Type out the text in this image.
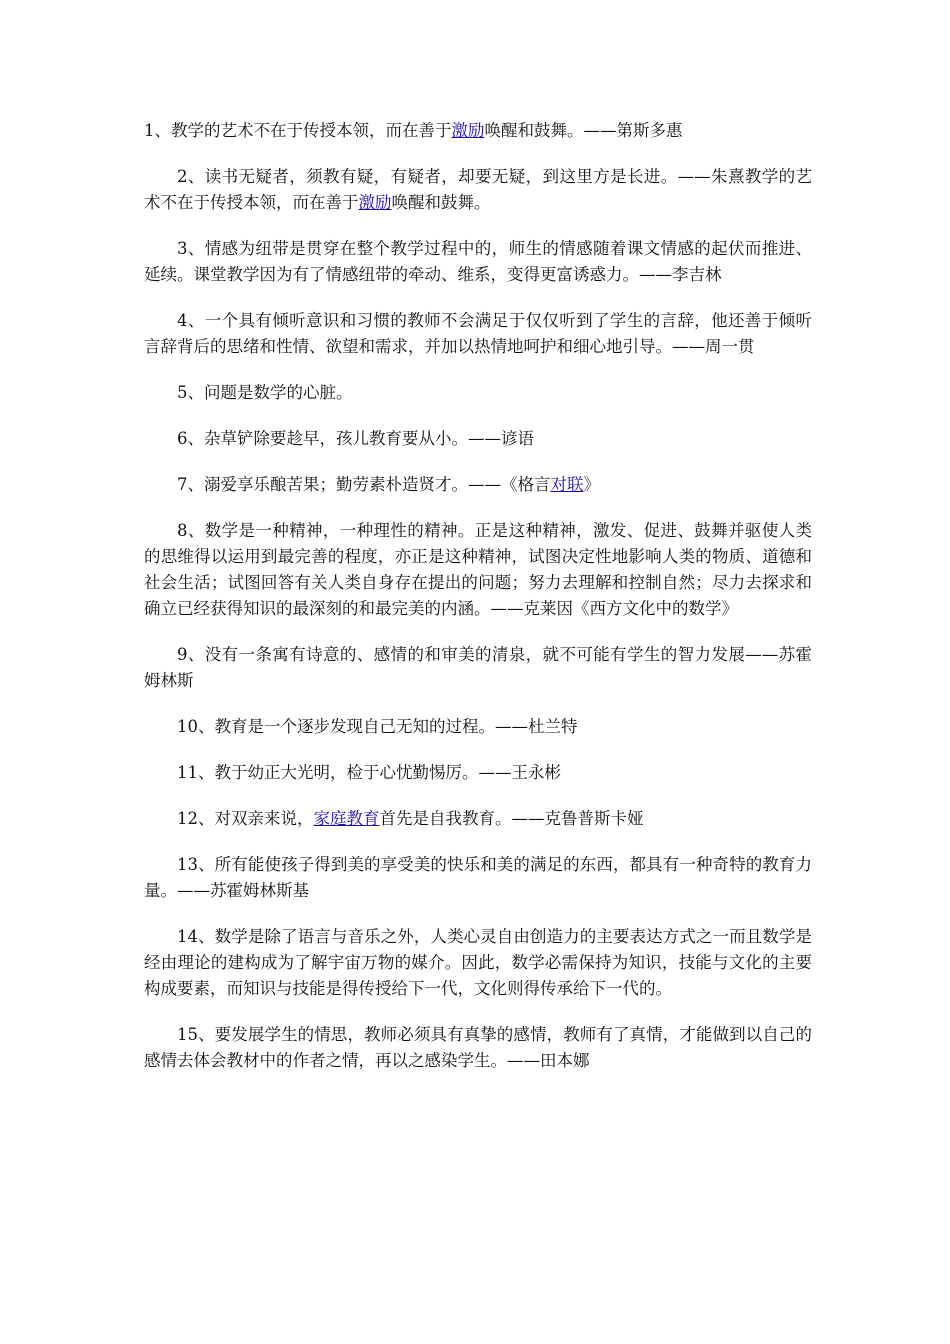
1、教学的艺术不在于传授本领，而在善于激励唤醒和鼓舞。——第斯多惠

2、读书无疑者，须教有疑，有疑者，却要无疑，到这里方是长进。——朱熹教学的艺术不在于传授本领，而在善于激励唤醒和鼓舞。

3、情感为纽带是贯穿在整个教学过程中的，师生的情感随着课文情感的起伏而推进、延续。课堂教学因为有了情感纽带的牵动、维系，变得更富诱惑力。——李吉林

4、一个具有倾听意识和习惯的教师不会满足于仅仅听到了学生的言辞，他还善于倾听言辞背后的思绪和性情、欲望和需求，并加以热情地呵护和细心地引导。——周一贯

5、问题是数学的心脏。

6、杂草铲除要趁早，孩儿教育要从小。——谚语

7、溺爱享乐酿苦果；勤劳素朴造贤才。——《格言对联》

8、数学是一种精神，一种理性的精神。正是这种精神，激发、促进、鼓舞并驱使人类的思维得以运用到最完善的程度，亦正是这种精神，试图决定性地影响人类的物质、道德和社会生活；试图回答有关人类自身存在提出的问题；努力去理解和控制自然；尽力去探求和确立已经获得知识的最深刻的和最完美的内涵。——克莱因《西方文化中的数学》

9、没有一条寓有诗意的、感情的和审美的清泉，就不可能有学生的智力发展——苏霍姆林斯

10、教育是一个逐步发现自己无知的过程。——杜兰特

11、教于幼正大光明，检于心忧勤惕厉。——王永彬

12、对双亲来说，家庭教育首先是自我教育。——克鲁普斯卡娅

13、所有能使孩子得到美的享受美的快乐和美的满足的东西，都具有一种奇特的教育力量。——苏霍姆林斯基

14、数学是除了语言与音乐之外，人类心灵自由创造力的主要表达方式之一而且数学是经由理论的建构成为了解宇宙万物的媒介。因此，数学必需保持为知识，技能与文化的主要构成要素，而知识与技能是得传授给下一代，文化则得传承给下一代的。

15、要发展学生的情思，教师必须具有真挚的感情，教师有了真情，才能做到以自己的感情去体会教材中的作者之情，再以之感染学生。——田本娜
